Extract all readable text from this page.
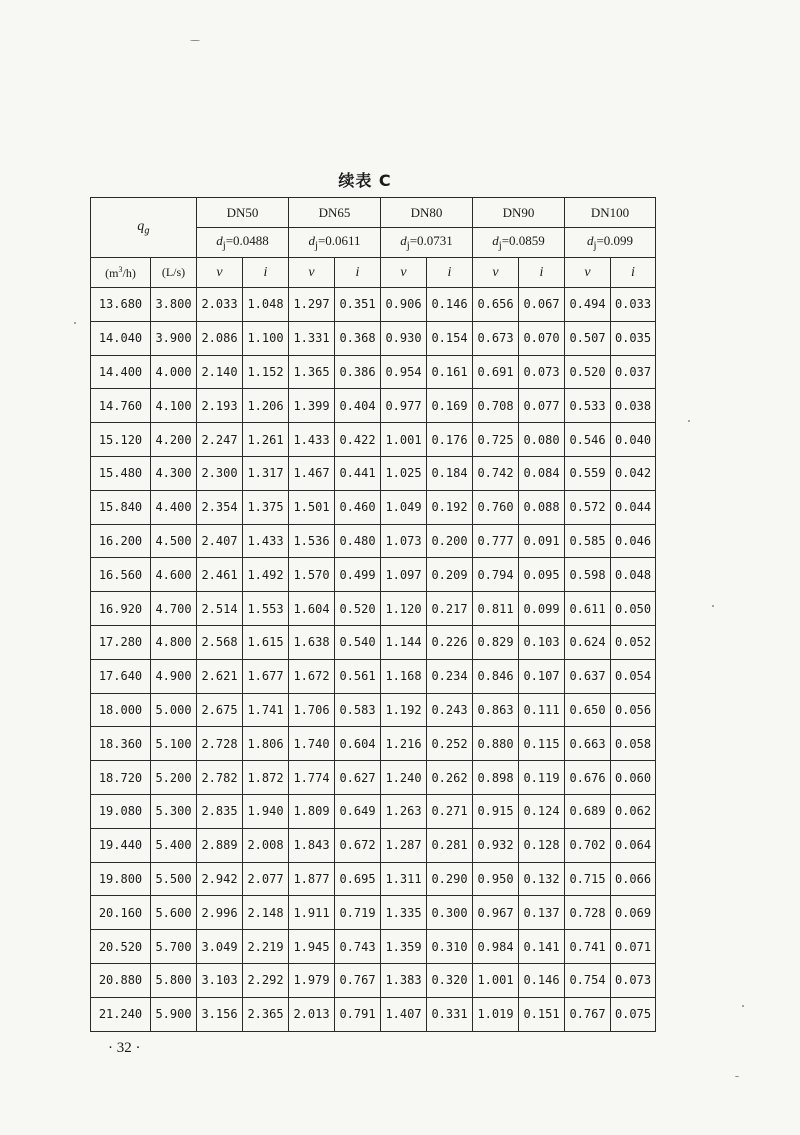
续表 C
$q_g$		DN50		DN65		DN80		DN90		DN100	
		$d_j=0.0488$		$d_j=0.0611$		$d_j=0.0731$		$d_j=0.0859$		$d_j=0.099$	
$(m^3/h)$	(L/s)	v	i	v	i	v	i	v	i	v	i
13.680	3.800	2.033	1.048	1.297	0.351	0.906	0.146	0.656	0.067	0.494	0.033
14.040	3.900	2.086	1.100	1.331	0.368	0.930	0.154	0.673	0.070	0.507	0.035
14.400	4.000	2.140	1.152	1.365	0.386	0.954	0.161	0.691	0.073	0.520	0.037
14.760	4.100	2.193	1.206	1.399	0.404	0.977	0.169	0.708	0.077	0.533	0.038
15.120	4.200	2.247	1.261	1.433	0.422	1.001	0.176	0.725	0.080	0.546	0.040
15.480	4.300	2.300	1.317	1.467	0.441	1.025	0.184	0.742	0.084	0.559	0.042
15.840	4.400	2.354	1.375	1.501	0.460	1.049	0.192	0.760	0.088	0.572	0.044
16.200	4.500	2.407	1.433	1.536	0.480	1.073	0.200	0.777	0.091	0.585	0.046
16.560	4.600	2.461	1.492	1.570	0.499	1.097	0.209	0.794	0.095	0.598	0.048
16.920	4.700	2.514	1.553	1.604	0.520	1.120	0.217	0.811	0.099	0.611	0.050
17.280	4.800	2.568	1.615	1.638	0.540	1.144	0.226	0.829	0.103	0.624	0.052
17.640	4.900	2.621	1.677	1.672	0.561	1.168	0.234	0.846	0.107	0.637	0.054
18.000	5.000	2.675	1.741	1.706	0.583	1.192	0.243	0.863	0.111	0.650	0.056
18.360	5.100	2.728	1.806	1.740	0.604	1.216	0.252	0.880	0.115	0.663	0.058
18.720	5.200	2.782	1.872	1.774	0.627	1.240	0.262	0.898	0.119	0.676	0.060
19.080	5.300	2.835	1.940	1.809	0.649	1.263	0.271	0.915	0.124	0.689	0.062
19.440	5.400	2.889	2.008	1.843	0.672	1.287	0.281	0.932	0.128	0.702	0.064
19.800	5.500	2.942	2.077	1.877	0.695	1.311	0.290	0.950	0.132	0.715	0.066
20.160	5.600	2.996	2.148	1.911	0.719	1.335	0.300	0.967	0.137	0.728	0.069
20.520	5.700	3.049	2.219	1.945	0.743	1.359	0.310	0.984	0.141	0.741	0.071
20.880	5.800	3.103	2.292	1.979	0.767	1.383	0.320	1.001	0.146	0.754	0.073
21.240	5.900	3.156	2.365	2.013	0.791	1.407	0.331	1.019	0.151	0.767	0.075
· 32 ·
